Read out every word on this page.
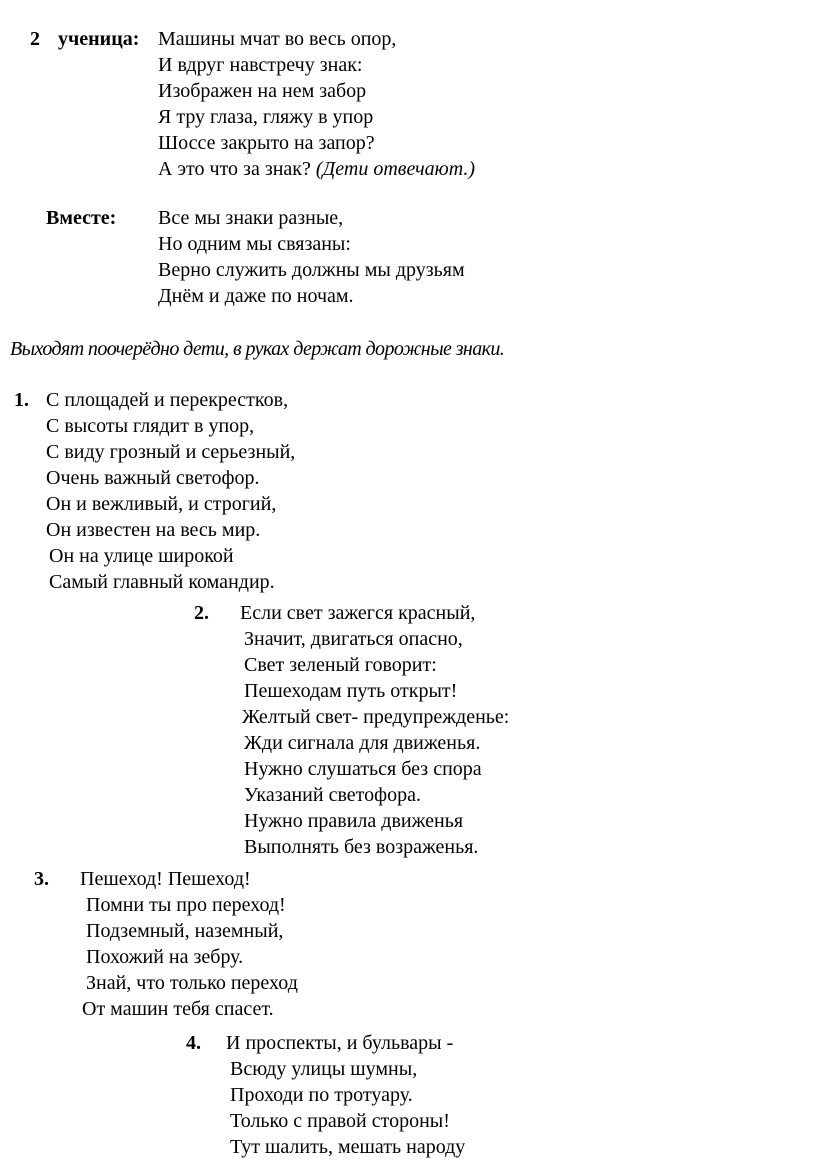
2 ученица: Машины мчат во весь опор,
И вдруг навстречу знак:
Изображен на нем забор
Я тру глаза, гляжу в упор
Шоссе закрыто на запор?
А это что за знак? (Дети отвечают.)
Вместе: Все мы знаки разные,
Но одним мы связаны:
Верно служить должны мы друзьям
Днём и даже по ночам.
Выходят поочерёдно дети, в руках держат дорожные знаки.
1. С площадей и перекрестков,
С высоты глядит в упор,
С виду грозный и серьезный,
Очень важный светофор.
Он и вежливый, и строгий,
Он известен на весь мир.
Он на улице широкой
Самый главный командир.
2. Если свет зажегся красный,
Значит, двигаться опасно,
Свет зеленый говорит:
Пешеходам путь открыт!
Желтый свет- предупрежденье:
Жди сигнала для движенья.
Нужно слушаться без спора
Указаний светофора.
Нужно правила движенья
Выполнять без возраженья.
3. Пешеход! Пешеход!
Помни ты про переход!
Подземный, наземный,
Похожий на зебру.
Знай, что только переход
От машин тебя спасет.
4. И проспекты, и бульвары -
Всюду улицы шумны,
Проходи по тротуару.
Только с правой стороны!
Тут шалить, мешать народу
